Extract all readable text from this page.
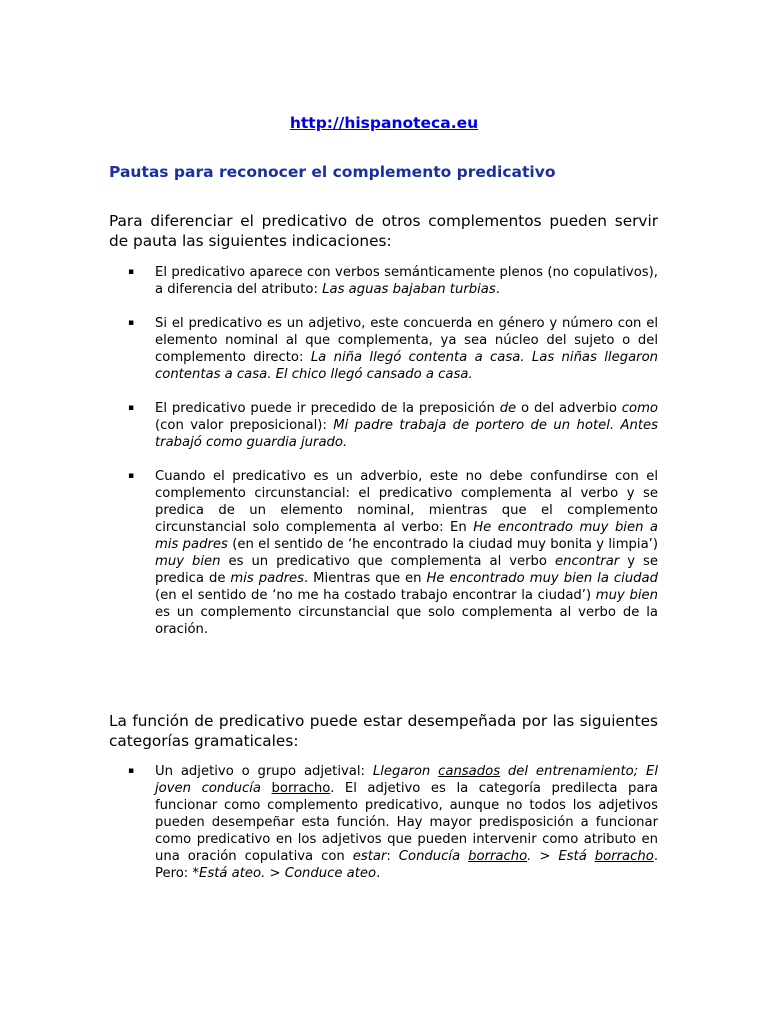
http://hispanoteca.eu
Pautas para reconocer el complemento predicativo

Para diferenciar el predicativo de otros complementos pueden servir de pauta las siguientes indicaciones:

▪ El predicativo aparece con verbos semánticamente plenos (no copulativos), a diferencia del atributo: Las aguas bajaban turbias.
▪ Si el predicativo es un adjetivo, este concuerda en género y número con el elemento nominal al que complementa, ya sea núcleo del sujeto o del complemento directo: La niña llegó contenta a casa. Las niñas llegaron contentas a casa. El chico llegó cansado a casa.
▪ El predicativo puede ir precedido de la preposición de o del adverbio como (con valor preposicional): Mi padre trabaja de portero de un hotel. Antes trabajó como guardia jurado.
▪ Cuando el predicativo es un adverbio, este no debe confundirse con el complemento circunstancial: el predicativo complementa al verbo y se predica de un elemento nominal, mientras que el complemento circunstancial solo complementa al verbo: En He encontrado muy bien a mis padres (en el sentido de ‘he encontrado la ciudad muy bonita y limpia’) muy bien es un predicativo que complementa al verbo encontrar y se predica de mis padres. Mientras que en He encontrado muy bien la ciudad (en el sentido de ‘no me ha costado trabajo encontrar la ciudad’) muy bien es un complemento circunstancial que solo complementa al verbo de la oración.

La función de predicativo puede estar desempeñada por las siguientes categorías gramaticales:

▪ Un adjetivo o grupo adjetival: Llegaron cansados del entrenamiento; El joven conducía borracho. El adjetivo es la categoría predilecta para funcionar como complemento predicativo, aunque no todos los adjetivos pueden desempeñar esta función. Hay mayor predisposición a funcionar como predicativo en los adjetivos que pueden intervenir como atributo en una oración copulativa con estar: Conducía borracho. > Está borracho. Pero: *Está ateo. > Conduce ateo.
